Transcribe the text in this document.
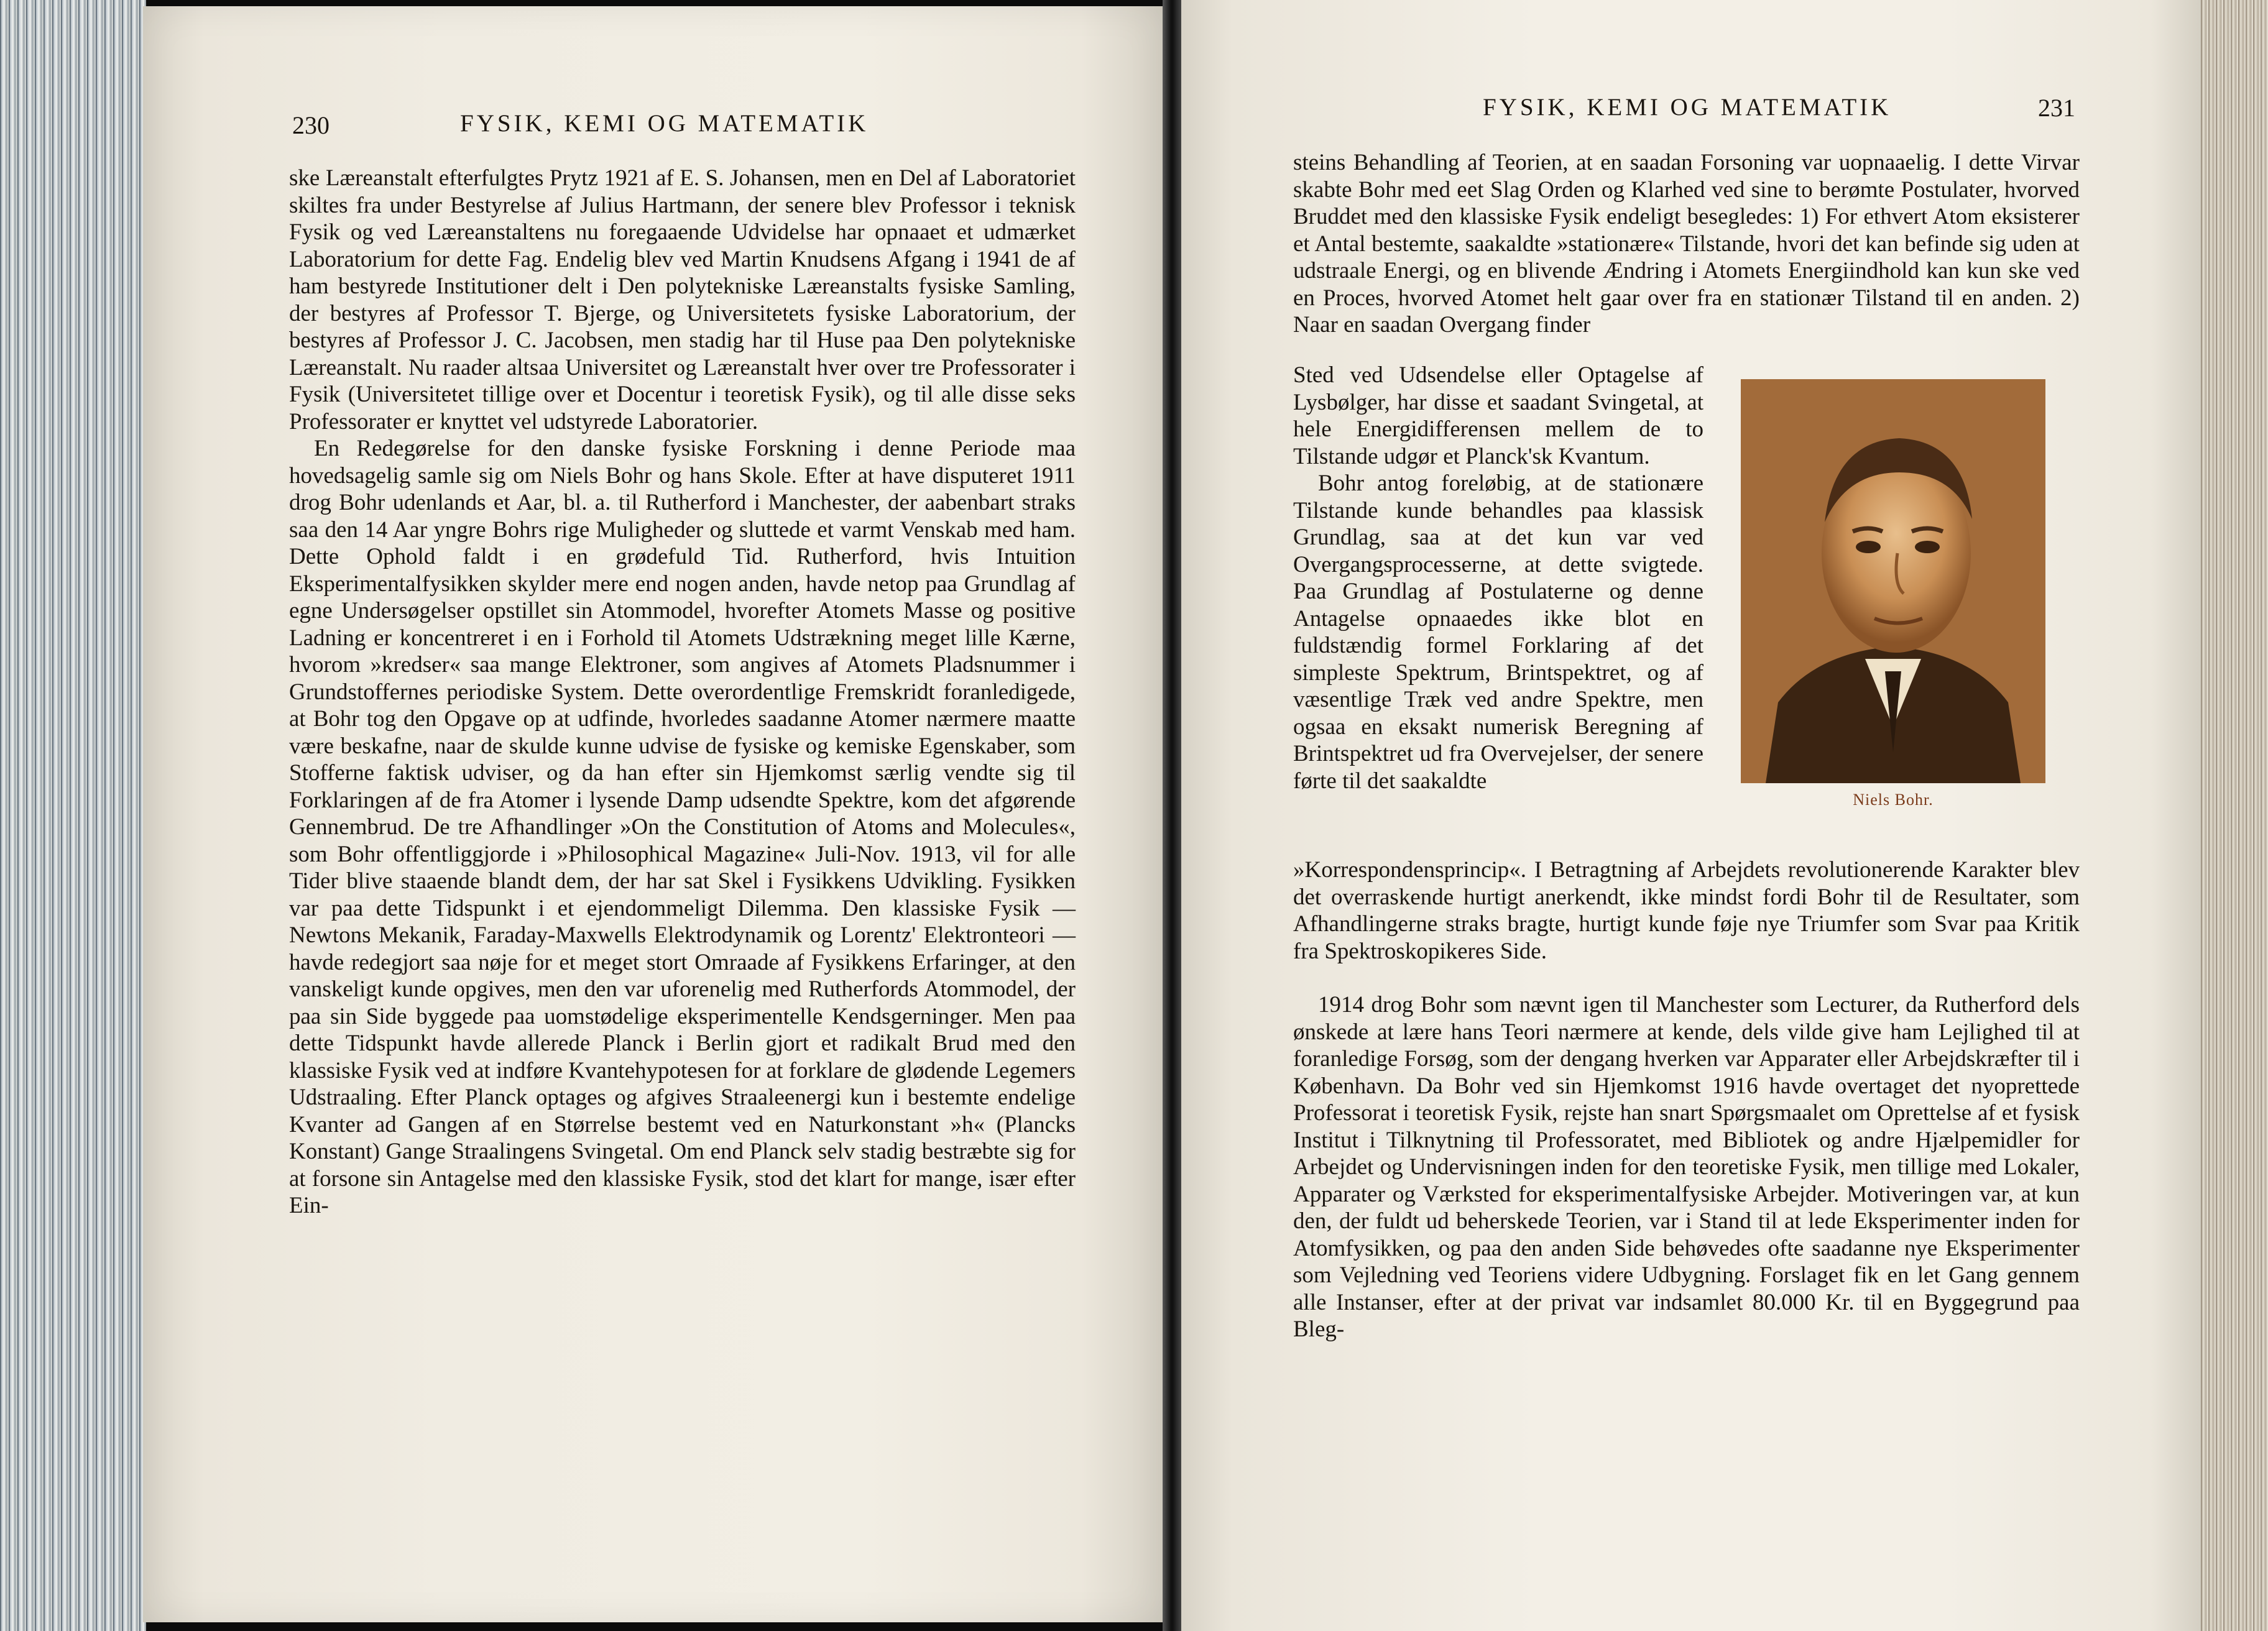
230	FYSIK, KEMI OG MATEMATIK

ske Læreanstalt efterfulgtes Prytz 1921 af E. S. Johansen, men en Del af Laboratoriet skiltes fra under Bestyrelse af Julius Hartmann, der senere blev Professor i teknisk Fysik og ved Læreanstaltens nu foregaaende Udvidelse har opnaaet et udmærket Laboratorium for dette Fag. Endelig blev ved Martin Knudsens Afgang i 1941 de af ham bestyrede Institutioner delt i Den polytekniske Læreanstalts fysiske Samling, der bestyres af Professor T. Bjerge, og Universitetets fysiske Laboratorium, der bestyres af Professor J. C. Jacobsen, men stadig har til Huse paa Den polytekniske Læreanstalt. Nu raader altsaa Universitet og Læreanstalt hver over tre Professorater i Fysik (Universitetet tillige over et Docentur i teoretisk Fysik), og til alle disse seks Professorater er knyttet vel udstyrede Laboratorier.

En Redegørelse for den danske fysiske Forskning i denne Periode maa hovedsagelig samle sig om Niels Bohr og hans Skole. Efter at have disputeret 1911 drog Bohr udenlands et Aar, bl. a. til Rutherford i Manchester, der aabenbart straks saa den 14 Aar yngre Bohrs rige Muligheder og sluttede et varmt Venskab med ham. Dette Ophold faldt i en grødefuld Tid. Rutherford, hvis Intuition Eksperimentalfysikken skylder mere end nogen anden, havde netop paa Grundlag af egne Undersøgelser opstillet sin Atommodel, hvorefter Atomets Masse og positive Ladning er koncentreret i en i Forhold til Atomets Udstrækning meget lille Kærne, hvorom »kredser« saa mange Elektroner, som angives af Atomets Pladsnummer i Grundstoffernes periodiske System. Dette overordentlige Fremskridt foranledigede, at Bohr tog den Opgave op at udfinde, hvorledes saadanne Atomer nærmere maatte være beskafne, naar de skulde kunne udvise de fysiske og kemiske Egenskaber, som Stofferne faktisk udviser, og da han efter sin Hjemkomst særlig vendte sig til Forklaringen af de fra Atomer i lysende Damp udsendte Spektre, kom det afgørende Gennembrud. De tre Afhandlinger »On the Constitution of Atoms and Molecules«, som Bohr offentliggjorde i »Philosophical Magazine« Juli-Nov. 1913, vil for alle Tider blive staaende blandt dem, der har sat Skel i Fysikkens Udvikling. Fysikken var paa dette Tidspunkt i et ejendommeligt Dilemma. Den klassiske Fysik — Newtons Mekanik, Faraday-Maxwells Elektrodynamik og Lorentz' Elektronteori — havde redegjort saa nøje for et meget stort Omraade af Fysikkens Erfaringer, at den vanskeligt kunde opgives, men den var uforenelig med Rutherfords Atommodel, der paa sin Side byggede paa uomstødelige eksperimentelle Kendsgerninger. Men paa dette Tidspunkt havde allerede Planck i Berlin gjort et radikalt Brud med den klassiske Fysik ved at indføre Kvantehypotesen for at forklare de glødende Legemers Udstraaling. Efter Planck optages og afgives Straaleenergi kun i bestemte endelige Kvanter ad Gangen af en Størrelse bestemt ved en Naturkonstant »h« (Plancks Konstant) Gange Straalingens Svingetal. Om end Planck selv stadig bestræbte sig for at forsone sin Antagelse med den klassiske Fysik, stod det klart for mange, især efter Ein-

FYSIK, KEMI OG MATEMATIK	231
steins Behandling af Teorien, at en saadan Forsoning var uopnaaelig. I dette Virvar skabte Bohr med eet Slag Orden og Klarhed ved sine to berømte Postulater, hvorved Bruddet med den klassiske Fysik endeligt besegledes: 1) For ethvert Atom eksisterer et Antal bestemte, saakaldte »stationære« Tilstande, hvori det kan befinde sig uden at udstraale Energi, og en blivende Ændring i Atomets Energiindhold kan kun ske ved en Proces, hvorved Atomet helt gaar over fra en stationær Tilstand til en anden. 2) Naar en saadan Overgang finder

Sted ved Udsendelse eller Optagelse af Lysbølger, har disse et saadant Svingetal, at hele Energidifferensen mellem de to Tilstande udgør et Planck'sk Kvantum.

Bohr antog foreløbig, at de stationære Tilstande kunde behandles paa klassisk Grundlag, saa at det kun var ved Overgangsprocesserne, at dette svigtede. Paa Grundlag af Postulaterne og denne Antagelse opnaaedes ikke blot en fuldstændig formel Forklaring af det simpleste Spektrum, Brintspektret, og af væsentlige Træk ved andre Spektre, men ogsaa en eksakt numerisk Beregning af Brintspektret ud fra Overvejelser, der senere førte til det saakaldte

Niels Bohr.
»Korrespondensprincip«. I Betragtning af Arbejdets revolutionerende Karakter blev det overraskende hurtigt anerkendt, ikke mindst fordi Bohr til de Resultater, som Afhandlingerne straks bragte, hurtigt kunde føje nye Triumfer som Svar paa Kritik fra Spektroskopikeres Side.
1914 drog Bohr som nævnt igen til Manchester som Lecturer, da Rutherford dels ønskede at lære hans Teori nærmere at kende, dels vilde give ham Lejlighed til at foranledige Forsøg, som der dengang hverken var Apparater eller Arbejdskræfter til i København. Da Bohr ved sin Hjemkomst 1916 havde overtaget det nyoprettede Professorat i teoretisk Fysik, rejste han snart Spørgsmaalet om Oprettelse af et fysisk Institut i Tilknytning til Professoratet, med Bibliotek og andre Hjælpemidler for Arbejdet og Undervisningen inden for den teoretiske Fysik, men tillige med Lokaler, Apparater og Værksted for eksperimentalfysiske Arbejder. Motiveringen var, at kun den, der fuldt ud beherskede Teorien, var i Stand til at lede Eksperimenter inden for Atomfysikken, og paa den anden Side behøvedes ofte saadanne nye Eksperimenter som Vejledning ved Teoriens videre Udbygning. Forslaget fik en let Gang gennem alle Instanser, efter at der privat var indsamlet 80.000 Kr. til en Byggegrund paa Bleg-
